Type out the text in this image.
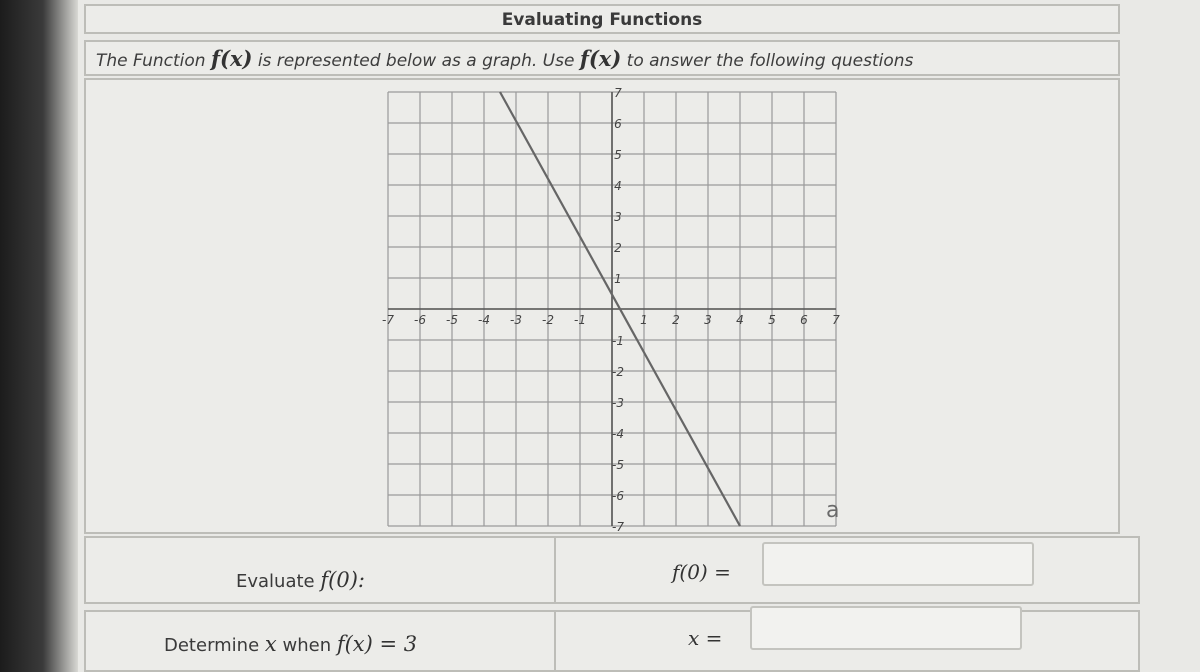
Evaluating Functions
The Function f(x) is represented below as a graph. Use f(x) to answer the following questions
-7 -6 -5 -4 -3 -2 -1	1 2 3 4 5 6 7
7
6
5
4
3
2
1
-1
-2
-3
-4
-5
-6
-7
a
Evaluate f(0):	f(0) =
Determine x when f(x) = 3	x =
